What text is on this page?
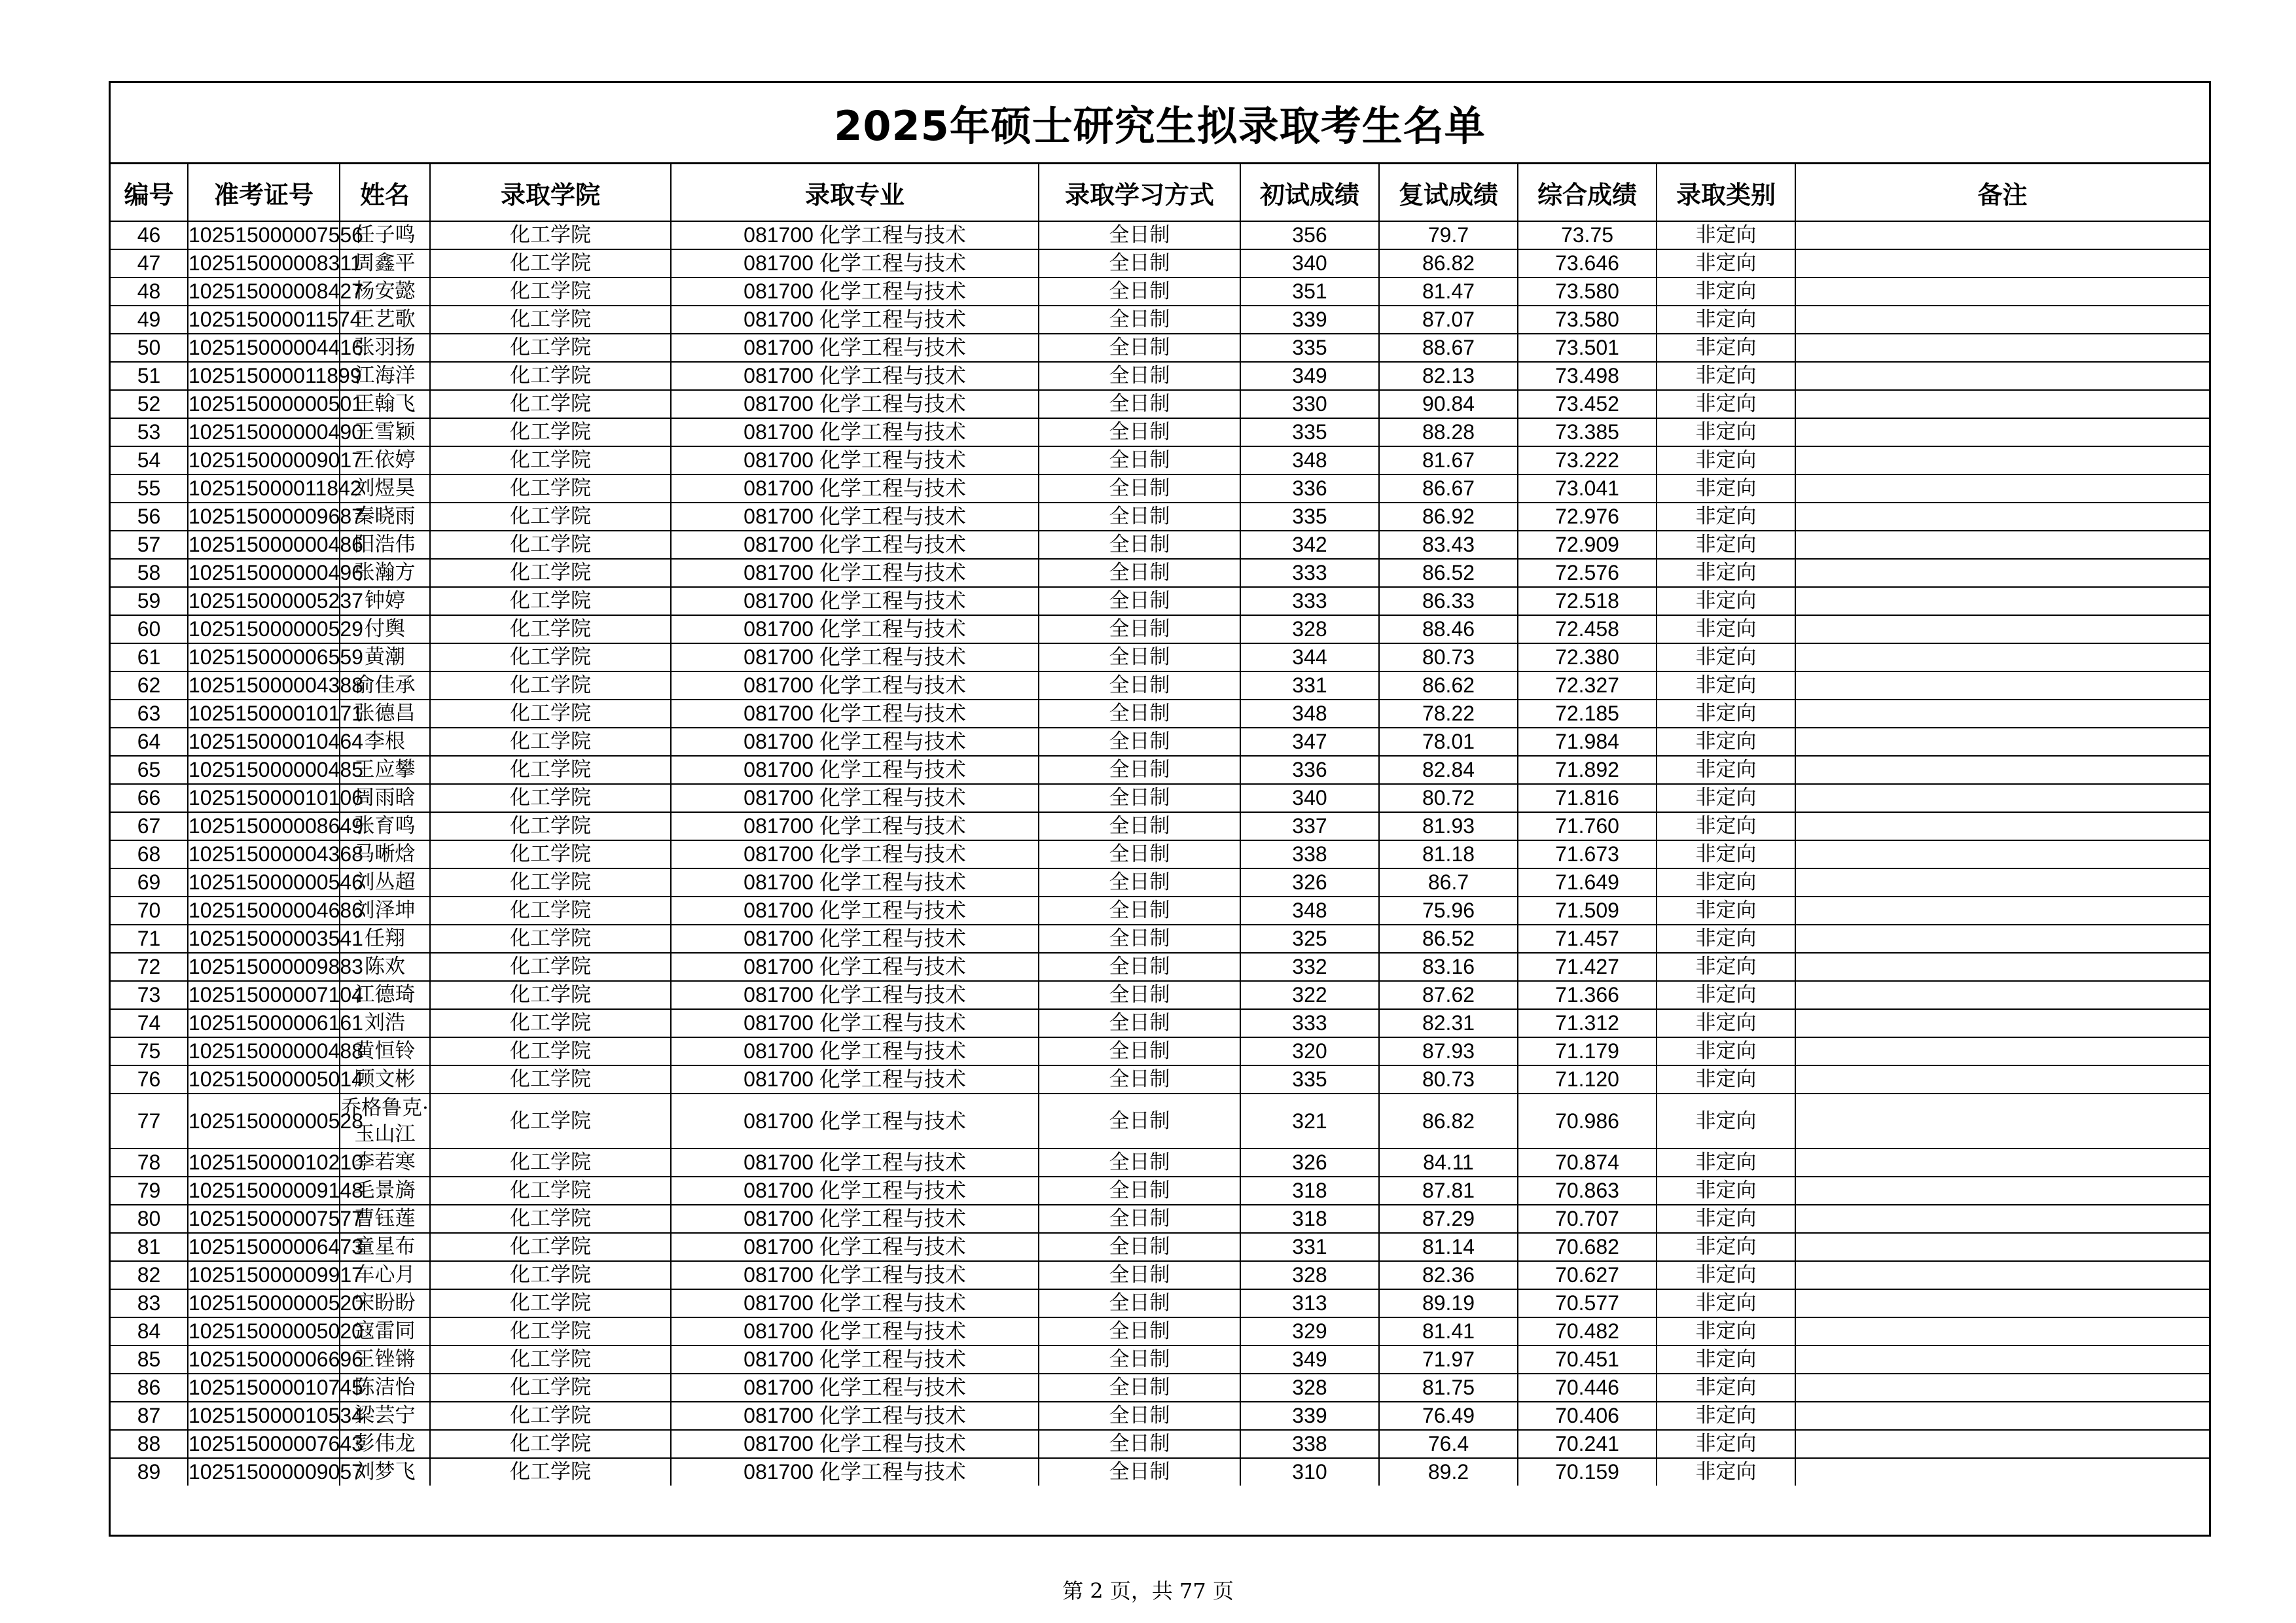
2025年硕士研究生拟录取考生名单
编号	准考证号	姓名	录取学院	录取专业	录取学习方式	初试成绩	复试成绩	综合成绩	录取类别	备注
46	102515000007556	任子鸣	化工学院	081700 化学工程与技术	全日制	356	79.7	73.75	非定向	
47	102515000008311	周鑫平	化工学院	081700 化学工程与技术	全日制	340	86.82	73.646	非定向	
48	102515000008427	杨安懿	化工学院	081700 化学工程与技术	全日制	351	81.47	73.580	非定向	
49	102515000011574	王艺歌	化工学院	081700 化学工程与技术	全日制	339	87.07	73.580	非定向	
50	102515000004416	张羽扬	化工学院	081700 化学工程与技术	全日制	335	88.67	73.501	非定向	
51	102515000011899	江海洋	化工学院	081700 化学工程与技术	全日制	349	82.13	73.498	非定向	
52	102515000000501	王翰飞	化工学院	081700 化学工程与技术	全日制	330	90.84	73.452	非定向	
53	102515000000490	王雪颖	化工学院	081700 化学工程与技术	全日制	335	88.28	73.385	非定向	
54	102515000009017	王依婷	化工学院	081700 化学工程与技术	全日制	348	81.67	73.222	非定向	
55	102515000011842	刘煜昊	化工学院	081700 化学工程与技术	全日制	336	86.67	73.041	非定向	
56	102515000009687	秦晓雨	化工学院	081700 化学工程与技术	全日制	335	86.92	72.976	非定向	
57	102515000000486	阳浩伟	化工学院	081700 化学工程与技术	全日制	342	83.43	72.909	非定向	
58	102515000000496	张瀚方	化工学院	081700 化学工程与技术	全日制	333	86.52	72.576	非定向	
59	102515000005237	钟婷	化工学院	081700 化学工程与技术	全日制	333	86.33	72.518	非定向	
60	102515000000529	付舆	化工学院	081700 化学工程与技术	全日制	328	88.46	72.458	非定向	
61	102515000006559	黄潮	化工学院	081700 化学工程与技术	全日制	344	80.73	72.380	非定向	
62	102515000004388	俞佳承	化工学院	081700 化学工程与技术	全日制	331	86.62	72.327	非定向	
63	102515000010171	张德昌	化工学院	081700 化学工程与技术	全日制	348	78.22	72.185	非定向	
64	102515000010464	李根	化工学院	081700 化学工程与技术	全日制	347	78.01	71.984	非定向	
65	102515000000485	王应攀	化工学院	081700 化学工程与技术	全日制	336	82.84	71.892	非定向	
66	102515000010106	周雨晗	化工学院	081700 化学工程与技术	全日制	340	80.72	71.816	非定向	
67	102515000008649	张育鸣	化工学院	081700 化学工程与技术	全日制	337	81.93	71.760	非定向	
68	102515000004368	马晰焓	化工学院	081700 化学工程与技术	全日制	338	81.18	71.673	非定向	
69	102515000000546	刘丛超	化工学院	081700 化学工程与技术	全日制	326	86.7	71.649	非定向	
70	102515000004686	刘泽坤	化工学院	081700 化学工程与技术	全日制	348	75.96	71.509	非定向	
71	102515000003541	任翔	化工学院	081700 化学工程与技术	全日制	325	86.52	71.457	非定向	
72	102515000009883	陈欢	化工学院	081700 化学工程与技术	全日制	332	83.16	71.427	非定向	
73	102515000007104	江德琦	化工学院	081700 化学工程与技术	全日制	322	87.62	71.366	非定向	
74	102515000006161	刘浩	化工学院	081700 化学工程与技术	全日制	333	82.31	71.312	非定向	
75	102515000000488	黄恒铃	化工学院	081700 化学工程与技术	全日制	320	87.93	71.179	非定向	
76	102515000005014	顾文彬	化工学院	081700 化学工程与技术	全日制	335	80.73	71.120	非定向	
77	102515000000528	乔格鲁克·玉山江	化工学院	081700 化学工程与技术	全日制	321	86.82	70.986	非定向	
78	102515000010210	李若寒	化工学院	081700 化学工程与技术	全日制	326	84.11	70.874	非定向	
79	102515000009148	毛景旖	化工学院	081700 化学工程与技术	全日制	318	87.81	70.863	非定向	
80	102515000007577	曹钰莲	化工学院	081700 化学工程与技术	全日制	318	87.29	70.707	非定向	
81	102515000006473	童星布	化工学院	081700 化学工程与技术	全日制	331	81.14	70.682	非定向	
82	102515000009917	车心月	化工学院	081700 化学工程与技术	全日制	328	82.36	70.627	非定向	
83	102515000000520	宋盼盼	化工学院	081700 化学工程与技术	全日制	313	89.19	70.577	非定向	
84	102515000005020	寇雷同	化工学院	081700 化学工程与技术	全日制	329	81.41	70.482	非定向	
85	102515000006696	王锉锵	化工学院	081700 化学工程与技术	全日制	349	71.97	70.451	非定向	
86	102515000010745	陈洁怡	化工学院	081700 化学工程与技术	全日制	328	81.75	70.446	非定向	
87	102515000010534	梁芸宁	化工学院	081700 化学工程与技术	全日制	339	76.49	70.406	非定向	
88	102515000007643	彭伟龙	化工学院	081700 化学工程与技术	全日制	338	76.4	70.241	非定向	
89	102515000009057	刘梦飞	化工学院	081700 化学工程与技术	全日制	310	89.2	70.159	非定向	
第 2 页，共 77 页
